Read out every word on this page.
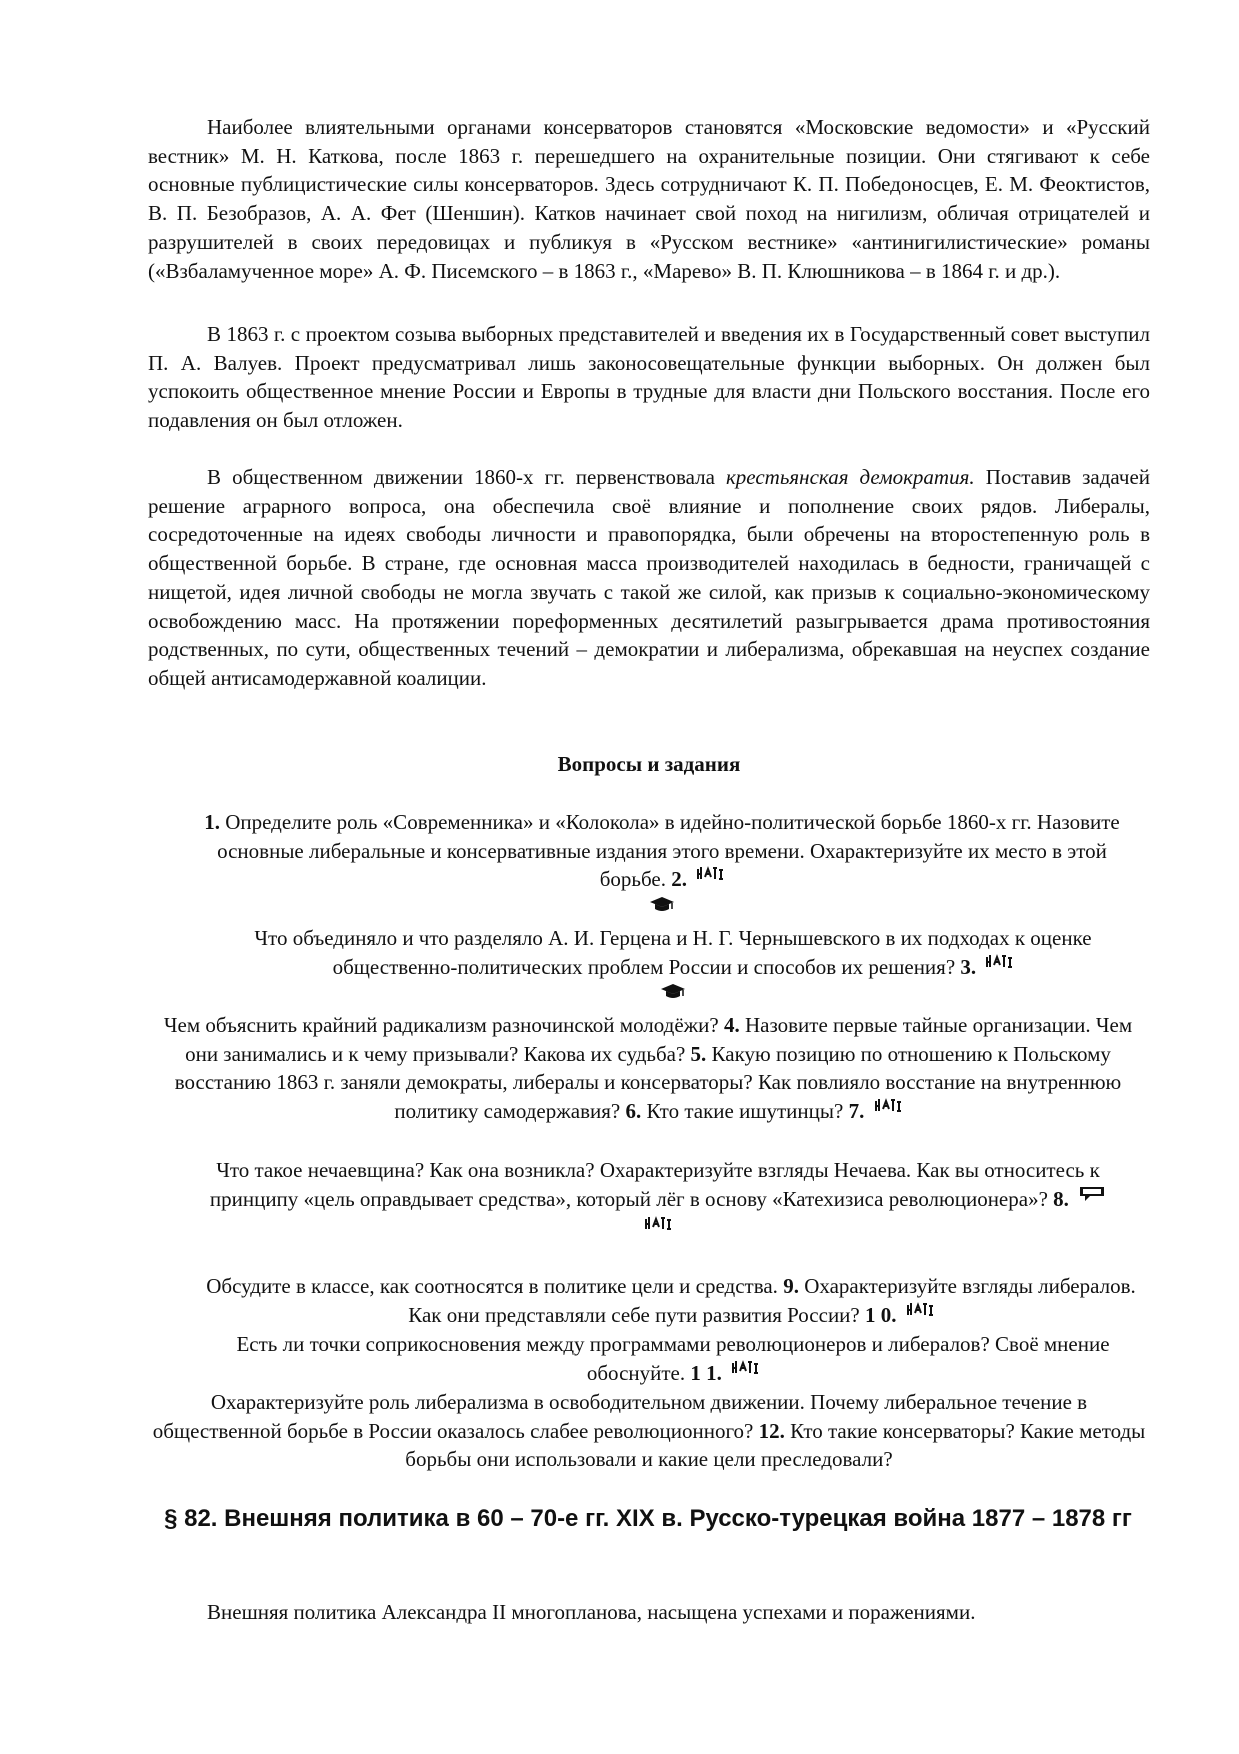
Наиболее влиятельными органами консерваторов становятся «Московские ведомости» и «Русский вестник» М. Н. Каткова, после 1863 г. перешедшего на охранительные позиции. Они стягивают к себе основные публицистические силы консерваторов. Здесь сотрудничают К. П. Победоносцев, Е. М. Феоктистов, В. П. Безобразов, А. А. Фет (Шеншин). Катков начинает свой поход на нигилизм, обличая отрицателей и разрушителей в своих передовицах и публикуя в «Русском вестнике» «антинигилистические» романы («Взбаламученное море» А. Ф. Писемского – в 1863 г., «Марево» В. П. Клюшникова – в 1864 г. и др.).

В 1863 г. с проектом созыва выборных представителей и введения их в Государственный совет выступил П. А. Валуев. Проект предусматривал лишь законосовещательные функции выборных. Он должен был успокоить общественное мнение России и Европы в трудные для власти дни Польского восстания. После его подавления он был отложен.

В общественном движении 1860-х гг. первенствовала крестьянская демократия. Поставив задачей решение аграрного вопроса, она обеспечила своё влияние и пополнение своих рядов. Либералы, сосредоточенные на идеях свободы личности и правопорядка, были обречены на второстепенную роль в общественной борьбе. В стране, где основная масса производителей находилась в бедности, граничащей с нищетой, идея личной свободы не могла звучать с такой же силой, как призыв к социально-экономическому освобождению масс. На протяжении пореформенных десятилетий разыгрывается драма противостояния родственных, по сути, общественных течений – демократии и либерализма, обрекавшая на неуспех создание общей антисамодержавной коалиции.

Вопросы и задания

1. Определите роль «Современника» и «Колокола» в идейно-политической борьбе 1860-х гг. Назовите основные либеральные и консервативные издания этого времени. Охарактеризуйте их место в этой борьбе. 2.

Что объединяло и что разделяло А. И. Герцена и Н. Г. Чернышевского в их подходах к оценке общественно-политических проблем России и способов их решения? 3.

Чем объяснить крайний радикализм разночинской молодёжи? 4. Назовите первые тайные организации. Чем они занимались и к чему призывали? Какова их судьба? 5. Какую позицию по отношению к Польскому восстанию 1863 г. заняли демократы, либералы и консерваторы? Как повлияло восстание на внутреннюю политику самодержавия? 6. Кто такие ишутинцы? 7.

Что такое нечаевщина? Как она возникла? Охарактеризуйте взгляды Нечаева. Как вы относитесь к принципу «цель оправдывает средства», который лёг в основу «Катехизиса революционера»? 8.

Обсудите в классе, как соотносятся в политике цели и средства. 9. Охарактеризуйте взгляды либералов. Как они представляли себе пути развития России? 1 0.

Есть ли точки соприкосновения между программами революционеров и либералов? Своё мнение обоснуйте. 1 1.

Охарактеризуйте роль либерализма в освободительном движении. Почему либеральное течение в общественной борьбе в России оказалось слабее революционного? 12. Кто такие консерваторы? Какие методы борьбы они использовали и какие цели преследовали?

§ 82. Внешняя политика в 60 – 70-е гг. XIX в. Русско-турецкая война 1877 – 1878 гг

Внешняя политика Александра II многопланова, насыщена успехами и поражениями.
